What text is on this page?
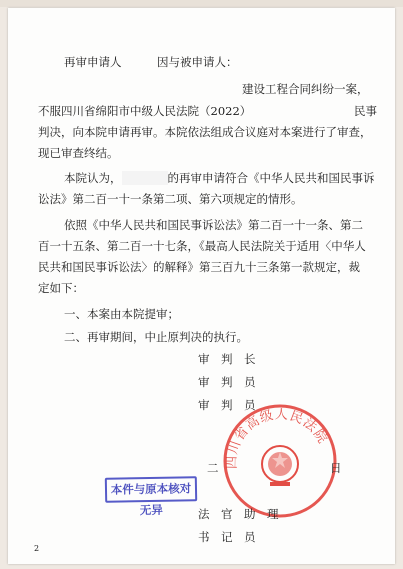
再审申请人	因与被申请人：
建设工程合同纠纷一案，
不服四川省绵阳市中级人民法院（2022）	民事
判决，向本院申请再审。本院依法组成合议庭对本案进行了审查，
现已审查终结。
本院认为，	的再审申请符合《中华人民共和国民事诉
讼法》第二百一十一条第二项、第六项规定的情形。
依照《中华人民共和国民事诉讼法》第二百一十一条、第二
百一十五条、第二百一十七条，《最高人民法院关于适用〈中华人
民共和国民事诉讼法〉的解释》第三百九十三条第一款规定，裁
定如下：
一、本案由本院提审；
二、再审期间，中止原判决的执行。
审　判　长
审　判　员
审　判　员
四川省高级人民法院
二	日
本件与原本核对无异	法　官　助　理
书　记　员
2
